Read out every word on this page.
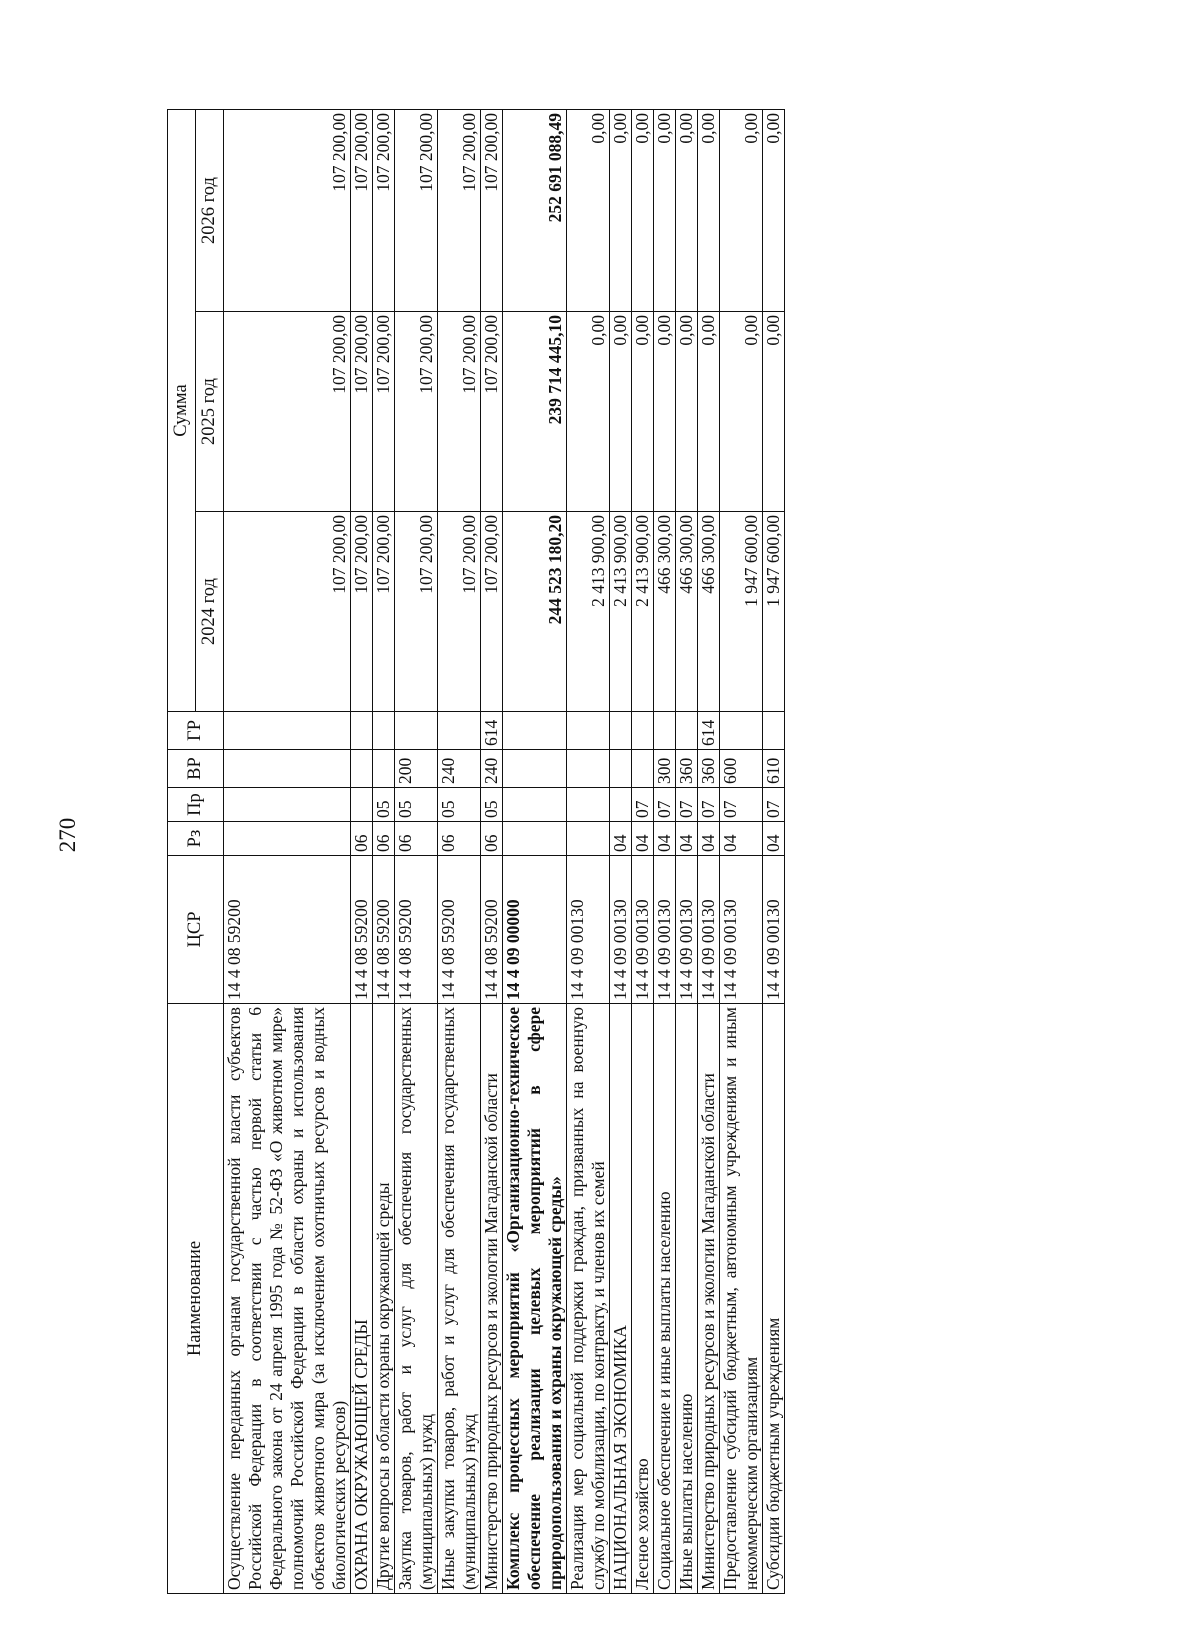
270
Наименование	ЦСР	Рз	Пр	ВР	ГР	Сумма		
						2024 год	2025 год	2026 год
Осуществление переданных органам государственной власти субъектов Российской Федерации в соответствии с частью первой статьи 6 Федерального закона от 24 апреля 1995 года № 52-ФЗ «О животном мире» полномочий Российской Федерации в области охраны и использования объектов животного мира (за исключением охотничьих ресурсов и водных биологических ресурсов)	14 4 08 59200					107 200,00	107 200,00	107 200,00
ОХРАНА ОКРУЖАЮЩЕЙ СРЕДЫ	14 4 08 59200	06				107 200,00	107 200,00	107 200,00
Другие вопросы в области охраны окружающей среды	14 4 08 59200	06	05			107 200,00	107 200,00	107 200,00
Закупка товаров, работ и услуг для обеспечения государственных (муниципальных) нужд	14 4 08 59200	06	05	200		107 200,00	107 200,00	107 200,00
Иные закупки товаров, работ и услуг для обеспечения государственных (муниципальных) нужд	14 4 08 59200	06	05	240		107 200,00	107 200,00	107 200,00
Министерство природных ресурсов и экологии Магаданской области	14 4 08 59200	06	05	240	614	107 200,00	107 200,00	107 200,00
Комплекс процессных мероприятий «Организационно-техническое обеспечение реализации целевых мероприятий в сфере природопользования и охраны окружающей среды»	14 4 09 00000					244 523 180,20	239 714 445,10	252 691 088,49
Реализация мер социальной поддержки граждан, призванных на военную службу по мобилизации, по контракту, и членов их семей	14 4 09 00130					2 413 900,00	0,00	0,00
НАЦИОНАЛЬНАЯ ЭКОНОМИКА	14 4 09 00130	04				2 413 900,00	0,00	0,00
Лесное хозяйство	14 4 09 00130	04	07			2 413 900,00	0,00	0,00
Социальное обеспечение и иные выплаты населению	14 4 09 00130	04	07	300		466 300,00	0,00	0,00
Иные выплаты населению	14 4 09 00130	04	07	360		466 300,00	0,00	0,00
Министерство природных ресурсов и экологии Магаданской области	14 4 09 00130	04	07	360	614	466 300,00	0,00	0,00
Предоставление субсидий бюджетным, автономным учреждениям и иным некоммерческим организациям	14 4 09 00130	04	07	600		1 947 600,00	0,00	0,00
Субсидии бюджетным учреждениям	14 4 09 00130	04	07	610		1 947 600,00	0,00	0,00
